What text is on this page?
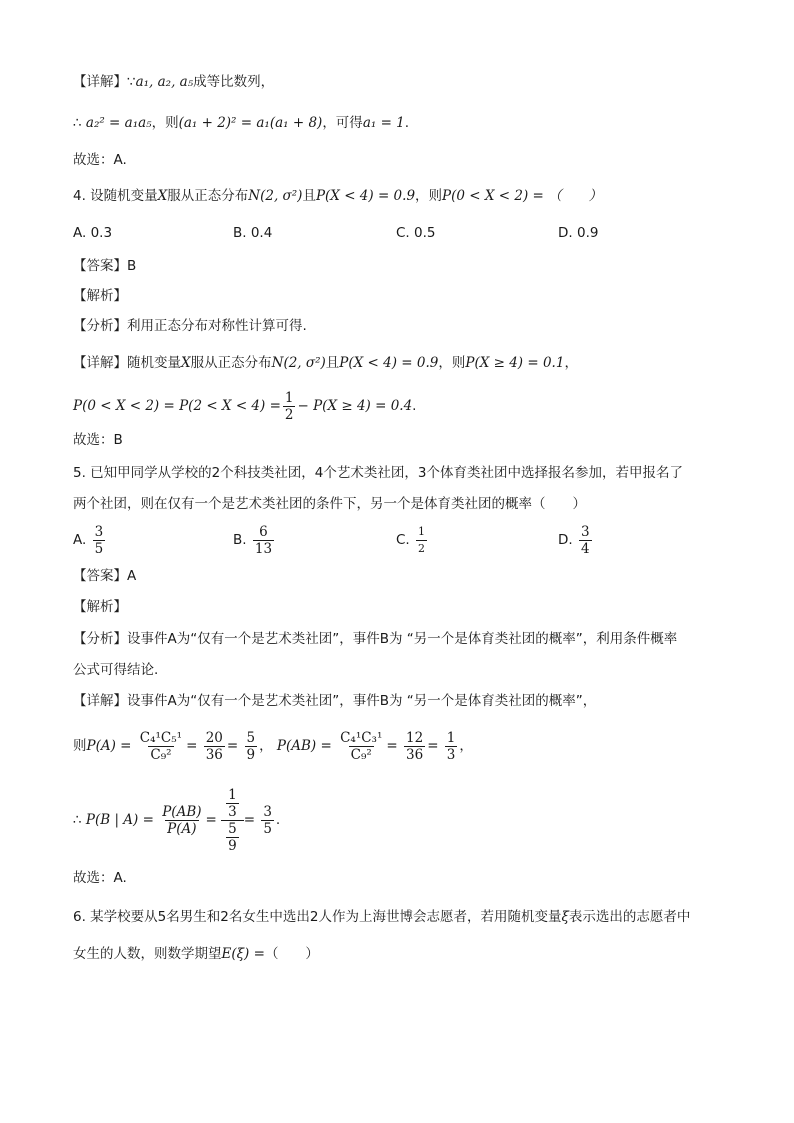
【详解】∵a₁, a₂, a₅成等比数列，
∴ a₂² = a₁a₅，则(a₁ + 2)² = a₁(a₁ + 8)，可得a₁ = 1.
故选：A.
4. 设随机变量X服从正态分布N(2, σ²)且P(X < 4) = 0.9，则P(0 < X < 2) = （　　）
A. 0.3	B. 0.4	C. 0.5	D. 0.9
【答案】B
【解析】
【分析】利用正态分布对称性计算可得.
【详解】随机变量X服从正态分布N(2, σ²)且P(X < 4) = 0.9，则P(X ≥ 4) = 0.1，
$P(0 < X < 2) = P(2 < X < 4) = \frac{1}{2} - P(X \ge 4) = 0.4$.
故选：B
5. 已知甲同学从学校的2个科技类社团，4个艺术类社团，3个体育类社团中选择报名参加，若甲报名了
两个社团，则在仅有一个是艺术类社团的条件下，另一个是体育类社团的概率（　　）
A. $\frac{3}{5}$	B. $\frac{6}{13}$	C. $\frac{1}{2}$	D. $\frac{3}{4}$
【答案】A
【解析】
【分析】设事件A为“仅有一个是艺术类社团”，事件B为 “另一个是体育类社团的概率”，利用条件概率
公式可得结论.
【详解】设事件A为“仅有一个是艺术类社团”，事件B为 “另一个是体育类社团的概率”，
则$P(A) = \frac{\text{C₄¹C₅¹}}{\text{C₉²}} = \frac{20}{36} = \frac{5}{9}$ ， $P(AB) = \frac{\text{C₄¹C₃¹}}{\text{C₉²}} = \frac{12}{36} = \frac{1}{3}$ ，
∴ P(B | $A) = \frac{P(AB)}{P(A)} = \frac{\frac{1}{3}}{\frac{5}{9}} = \frac{3}{5}$ .
故选：A.
6. 某学校要从5名男生和2名女生中选出2人作为上海世博会志愿者，若用随机变量ξ表示选出的志愿者中
女生的人数，则数学期望E(ξ) =（　　）
